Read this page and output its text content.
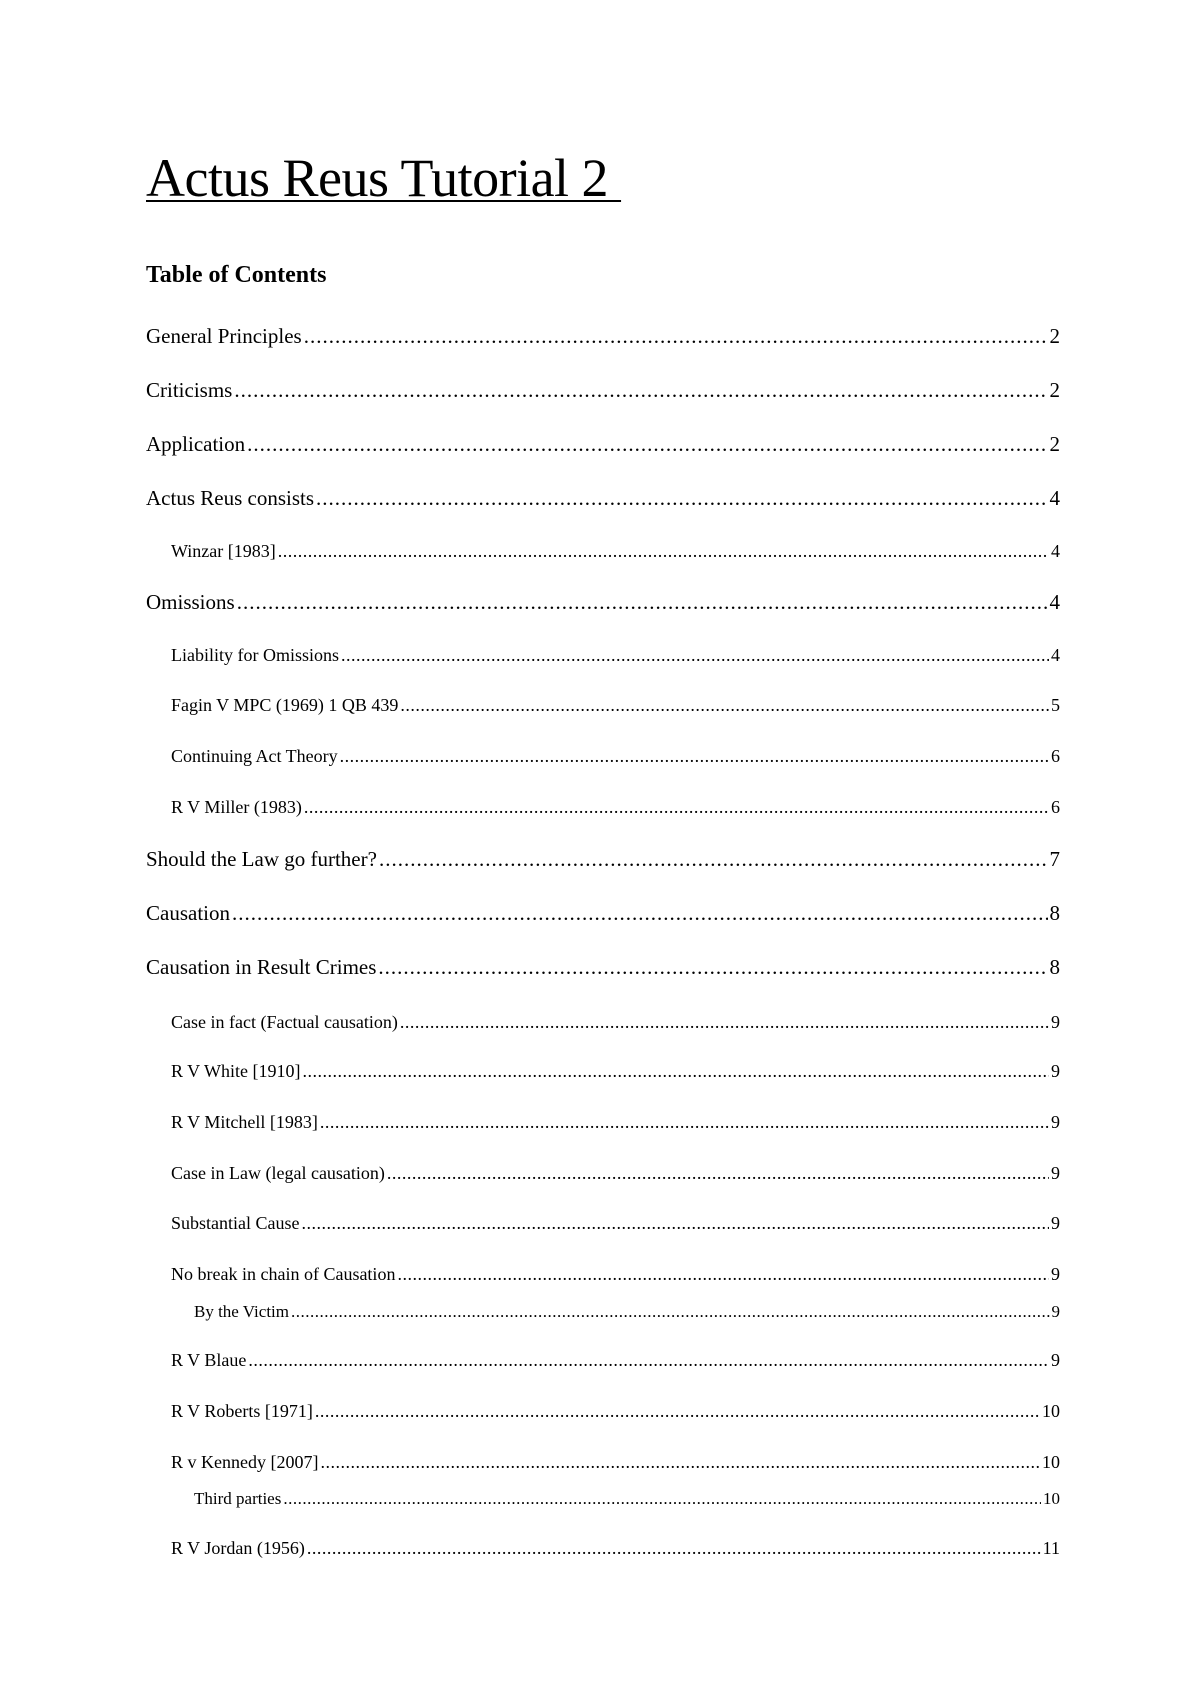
Actus Reus Tutorial 2
Table of Contents
General Principles .....	2
Criticisms .....	2
Application .....	2
Actus Reus consists .....	4
Winzar [1983] .....	4
Omissions .....	4
Liability for Omissions .....	4
Fagin V MPC (1969) 1 QB 439 .....	5
Continuing Act Theory .....	6
R V Miller (1983) .....	6
Should the Law go further? .....	7
Causation .....	8
Causation in Result Crimes .....	8
Case in fact (Factual causation) .....	9
R V White [1910] .....	9
R V Mitchell [1983] .....	9
Case in Law (legal causation) .....	9
Substantial Cause .....	9
No break in chain of Causation .....	9
By the Victim .....	9
R V Blaue .....	9
R V Roberts [1971] .....	10
R v Kennedy [2007] .....	10
Third parties .....	10
R V Jordan (1956) .....	11
